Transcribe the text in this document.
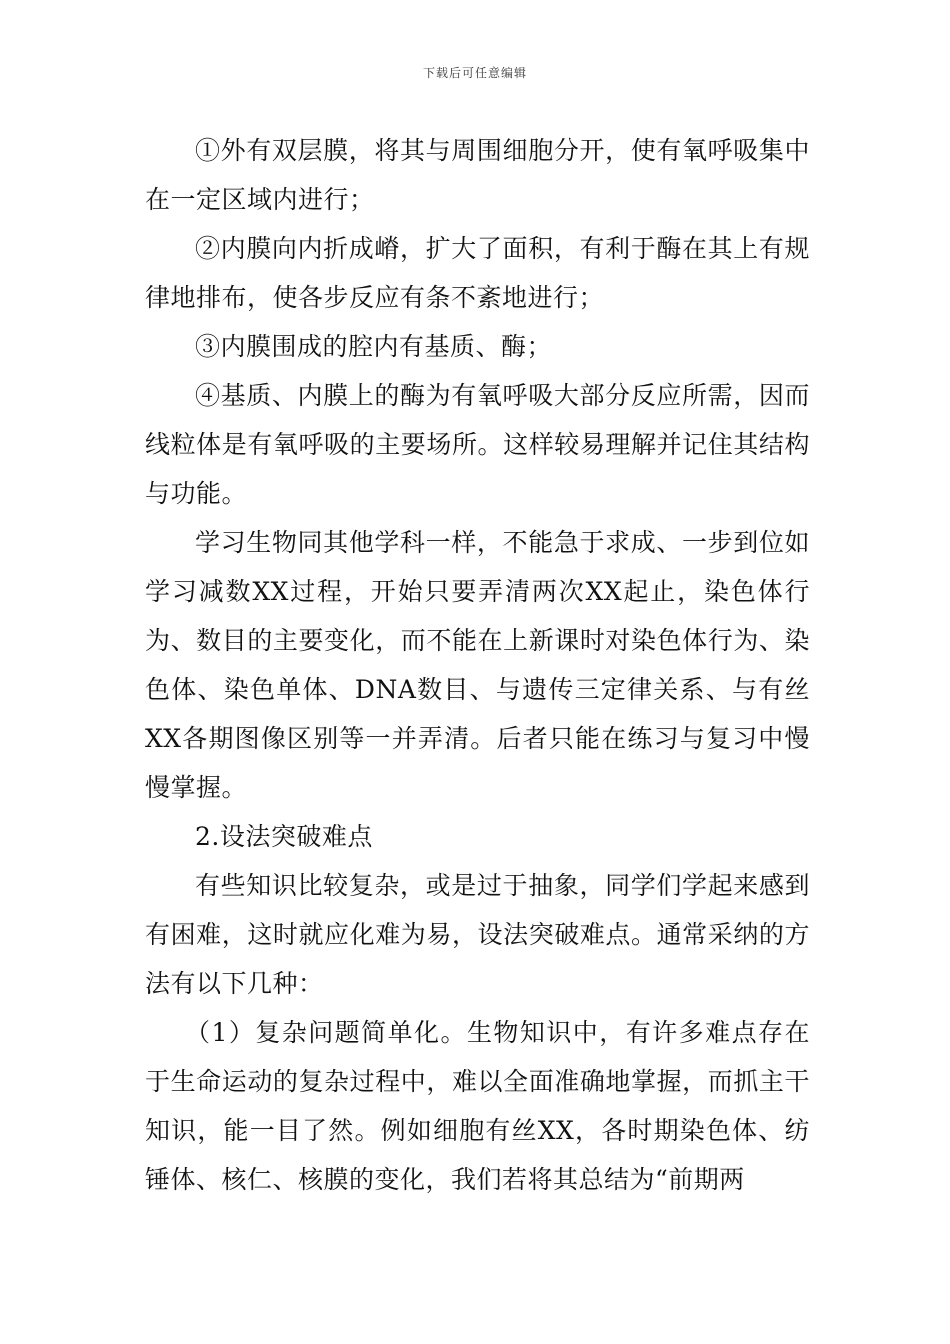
下载后可任意编辑

①外有双层膜，将其与周围细胞分开，使有氧呼吸集中在一定区域内进行；

②内膜向内折成嵴，扩大了面积，有利于酶在其上有规律地排布，使各步反应有条不紊地进行；

③内膜围成的腔内有基质、酶；

④基质、内膜上的酶为有氧呼吸大部分反应所需，因而线粒体是有氧呼吸的主要场所。这样较易理解并记住其结构与功能。

学习生物同其他学科一样，不能急于求成、一步到位如学习减数XX过程，开始只要弄清两次XX起止，染色体行为、数目的主要变化，而不能在上新课时对染色体行为、染色体、染色单体、DNA数目、与遗传三定律关系、与有丝XX各期图像区别等一并弄清。后者只能在练习与复习中慢慢掌握。

2.设法突破难点

有些知识比较复杂，或是过于抽象，同学们学起来感到有困难，这时就应化难为易，设法突破难点。通常采纳的方法有以下几种：

（1）复杂问题简单化。生物知识中，有许多难点存在于生命运动的复杂过程中，难以全面准确地掌握，而抓主干知识，能一目了然。例如细胞有丝XX，各时期染色体、纺锤体、核仁、核膜的变化，我们若将其总结为“前期两
